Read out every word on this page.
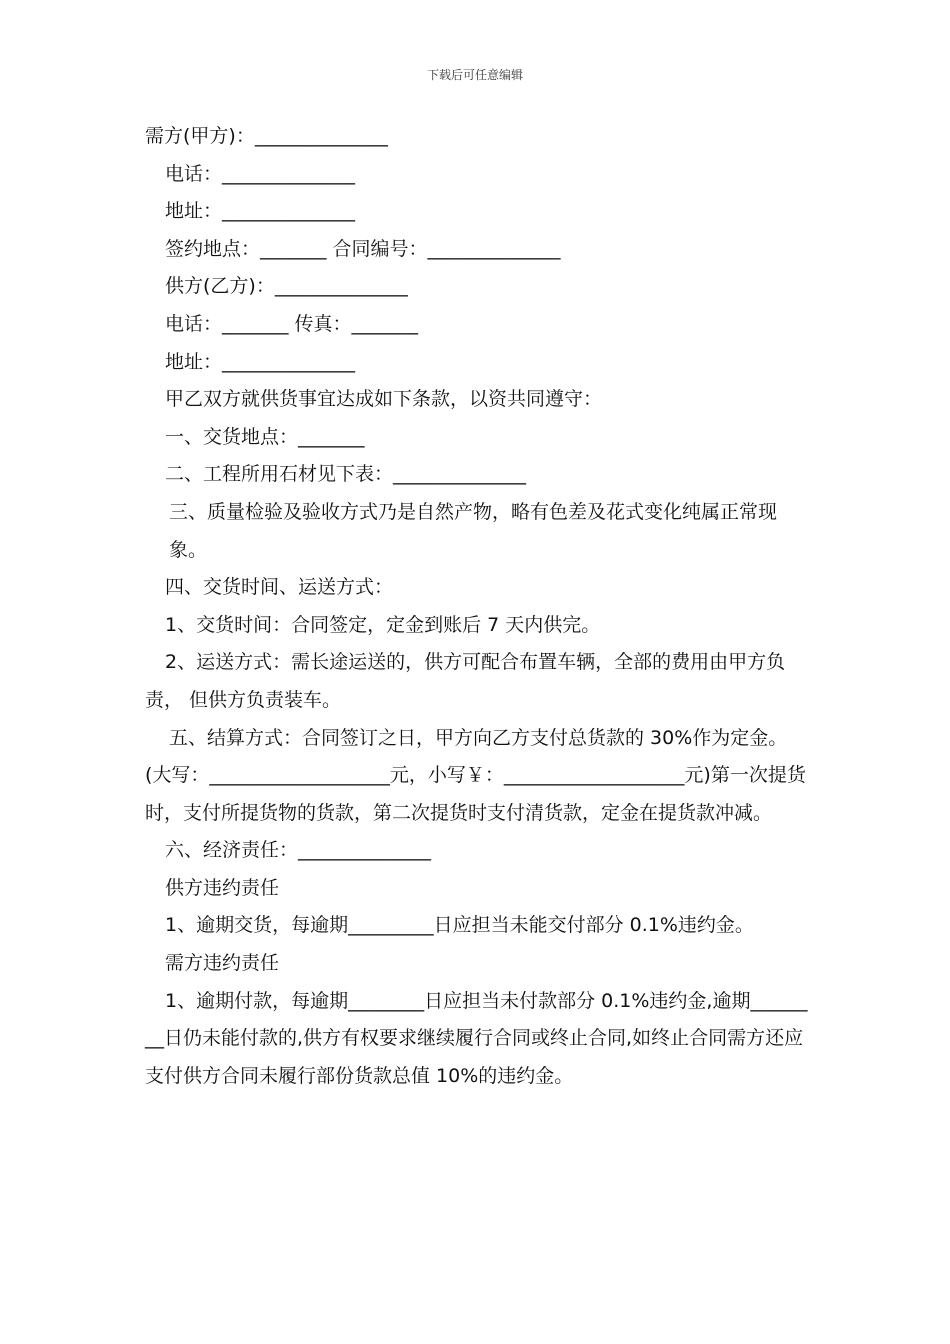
下载后可任意编辑
需方(甲方)：______________
电话：______________
地址：______________
签约地点：_______ 合同编号：______________
供方(乙方)：______________
电话：_______ 传真：_______
地址：______________
甲乙双方就供货事宜达成如下条款，以资共同遵守：
一、交货地点：_______
二、工程所用石材见下表：______________
三、质量检验及验收方式乃是自然产物，略有色差及花式变化纯属正常现象。
四、交货时间、运送方式：
1、交货时间：合同签定，定金到账后 7 天内供完。
2、运送方式：需长途运送的，供方可配合布置车辆，全部的费用由甲方负责， 但供方负责装车。
五、结算方式：合同签订之日，甲方向乙方支付总货款的 30%作为定金。(大写：___________________元，小写￥：___________________元)第一次提货时，支付所提货物的货款，第二次提货时支付清货款，定金在提货款冲减。
六、经济责任：______________
供方违约责任
1、逾期交货，每逾期_________日应担当未能交付部分 0.1%违约金。
需方违约责任
1、逾期付款，每逾期________日应担当未付款部分 0.1%违约金,逾期________日仍未能付款的,供方有权要求继续履行合同或终止合同,如终止合同需方还应支付供方合同未履行部份货款总值 10%的违约金。
